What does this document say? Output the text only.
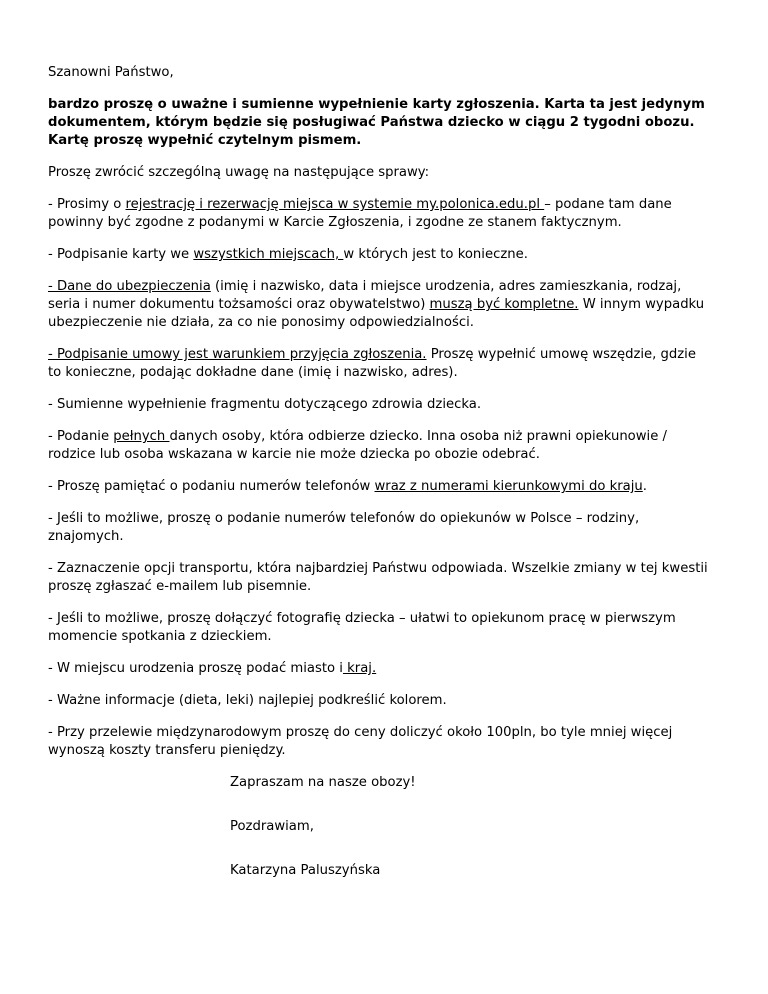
Szanowni Państwo,

bardzo proszę o uważne i sumienne wypełnienie karty zgłoszenia. Karta ta jest jedynym dokumentem, którym będzie się posługiwać Państwa dziecko w ciągu 2 tygodni obozu. Kartę proszę wypełnić czytelnym pismem.

Proszę zwrócić szczególną uwagę na następujące sprawy:

- Prosimy o rejestrację i rezerwację miejsca w systemie my.polonica.edu.pl – podane tam dane powinny być zgodne z podanymi w Karcie Zgłoszenia, i zgodne ze stanem faktycznym.

- Podpisanie karty we wszystkich miejscach, w których jest to konieczne.

- Dane do ubezpieczenia (imię i nazwisko, data i miejsce urodzenia, adres zamieszkania, rodzaj, seria i numer dokumentu tożsamości oraz obywatelstwo) muszą być kompletne. W innym wypadku ubezpieczenie nie działa, za co nie ponosimy odpowiedzialności.

- Podpisanie umowy jest warunkiem przyjęcia zgłoszenia. Proszę wypełnić umowę wszędzie, gdzie to konieczne, podając dokładne dane (imię i nazwisko, adres).

- Sumienne wypełnienie fragmentu dotyczącego zdrowia dziecka.

- Podanie pełnych danych osoby, która odbierze dziecko. Inna osoba niż prawni opiekunowie / rodzice lub osoba wskazana w karcie nie może dziecka po obozie odebrać.

- Proszę pamiętać o podaniu numerów telefonów wraz z numerami kierunkowymi do kraju.

- Jeśli to możliwe, proszę o podanie numerów telefonów do opiekunów w Polsce – rodziny, znajomych.

- Zaznaczenie opcji transportu, która najbardziej Państwu odpowiada. Wszelkie zmiany w tej kwestii proszę zgłaszać e-mailem lub pisemnie.

- Jeśli to możliwe, proszę dołączyć fotografię dziecka – ułatwi to opiekunom pracę w pierwszym momencie spotkania z dzieckiem.

- W miejscu urodzenia proszę podać miasto i kraj.

- Ważne informacje (dieta, leki) najlepiej podkreślić kolorem.

- Przy przelewie międzynarodowym proszę do ceny doliczyć około 100pln, bo tyle mniej więcej wynoszą koszty transferu pieniędzy.

Zapraszam na nasze obozy!

Pozdrawiam,

Katarzyna Paluszyńska
